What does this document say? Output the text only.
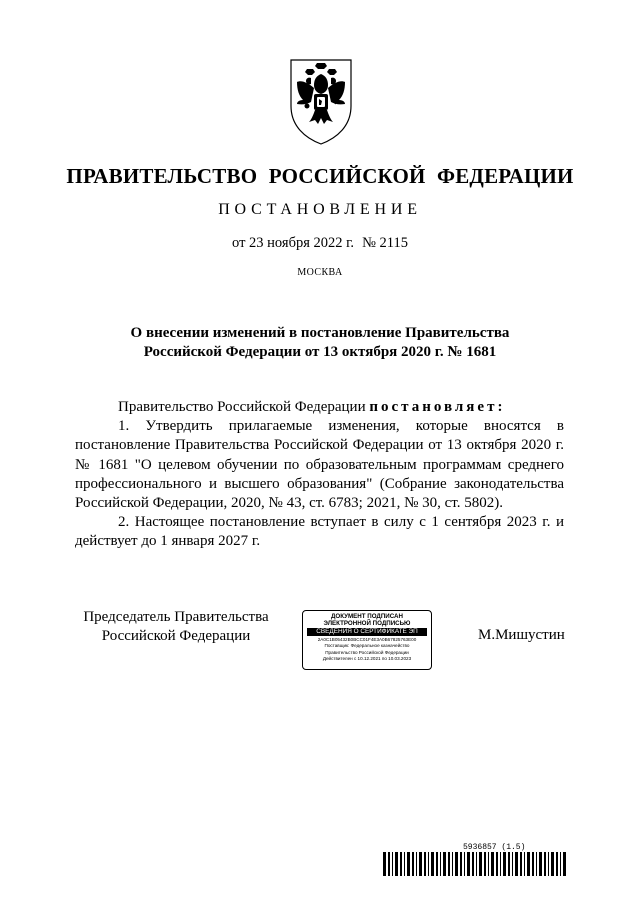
ПРАВИТЕЛЬСТВО РОССИЙСКОЙ ФЕДЕРАЦИИ
ПОСТАНОВЛЕНИЕ
от 23 ноября 2022 г. № 2115
МОСКВА
О внесении изменений в постановление Правительства
Российской Федерации от 13 октября 2020 г. № 1681

Правительство Российской Федерации постановляет:

1. Утвердить прилагаемые изменения, которые вносятся в постановление Правительства Российской Федерации от 13 октября 2020 г. № 1681 "О целевом обучении по образовательным программам среднего профессионального и высшего образования" (Собрание законодательства Российской Федерации, 2020, № 43, ст. 6783; 2021, № 30, ст. 5802).

2. Настоящее постановление вступает в силу с 1 сентября 2023 г. и действует до 1 января 2027 г.

Председатель Правительства
Российской Федерации
ДОКУМЕНТ ПОДПИСАН
ЭЛЕКТРОННОЙ ПОДПИСЬЮ
СВЕДЕНИЯ О СЕРТИФИКАТЕ ЭП
2A0C1B05432B0BCC01F4E3A0B67825763E00
Поставщик: Федеральное казначейство
Правительство Российской Федерации
Действителен с 10.12.2021 по 10.03.2023
М.Мишустин
5936857 (1.5)
